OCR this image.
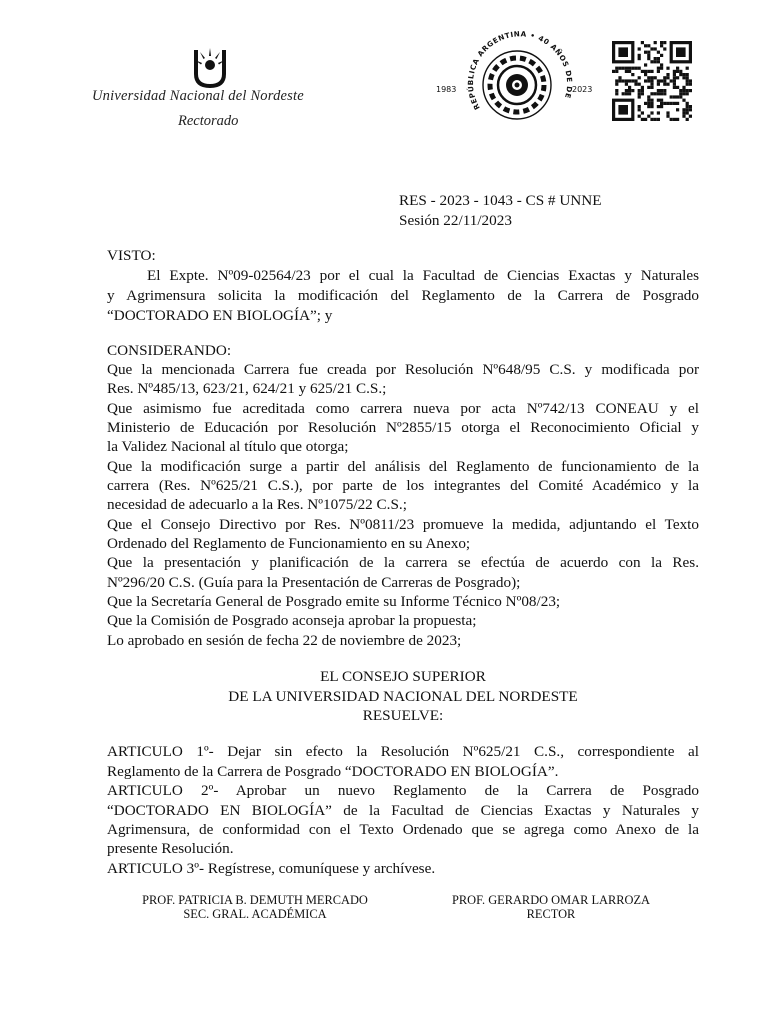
Universidad Nacional del Nordeste
Rectorado
REPÚBLICA ARGENTINA • 40 AÑOS DE DE
1983	2023
RES - 2023 - 1043 - CS # UNNE
Sesión 22/11/2023
VISTO:
El Expte. Nº09-02564/23 por el cual la Facultad de Ciencias Exactas y Naturales
y Agrimensura solicita la modificación del Reglamento de la Carrera de Posgrado
“DOCTORADO EN BIOLOGÍA”; y
CONSIDERANDO:
Que la mencionada Carrera fue creada por Resolución Nº648/95 C.S. y modificada por
Res. Nº485/13, 623/21, 624/21 y 625/21 C.S.;
Que asimismo fue acreditada como carrera nueva por acta Nº742/13 CONEAU y el
Ministerio de Educación por Resolución Nº2855/15 otorga el Reconocimiento Oficial y
la Validez Nacional al título que otorga;
Que la modificación surge a partir del análisis del Reglamento de funcionamiento de la
carrera (Res. Nº625/21 C.S.), por parte de los integrantes del Comité Académico y la
necesidad de adecuarlo a la Res. Nº1075/22 C.S.;
Que el Consejo Directivo por Res. Nº0811/23 promueve la medida, adjuntando el Texto
Ordenado del Reglamento de Funcionamiento en su Anexo;
Que la presentación y planificación de la carrera se efectúa de acuerdo con la Res.
Nº296/20 C.S. (Guía para la Presentación de Carreras de Posgrado);
Que la Secretaría General de Posgrado emite su Informe Técnico Nº08/23;
Que la Comisión de Posgrado aconseja aprobar la propuesta;
Lo aprobado en sesión de fecha 22 de noviembre de 2023;
EL CONSEJO SUPERIOR
DE LA UNIVERSIDAD NACIONAL DEL NORDESTE
RESUELVE:
ARTICULO 1º- Dejar sin efecto la Resolución Nº625/21 C.S., correspondiente al
Reglamento de la Carrera de Posgrado “DOCTORADO EN BIOLOGÍA”.
ARTICULO 2º- Aprobar un nuevo Reglamento de la Carrera de Posgrado
“DOCTORADO EN BIOLOGÍA” de la Facultad de Ciencias Exactas y Naturales y
Agrimensura, de conformidad con el Texto Ordenado que se agrega como Anexo de la
presente Resolución.
ARTICULO 3º- Regístrese, comuníquese y archívese.
PROF. PATRICIA B. DEMUTH MERCADO
SEC. GRAL. ACADÉMICA
PROF. GERARDO OMAR LARROZA
RECTOR
